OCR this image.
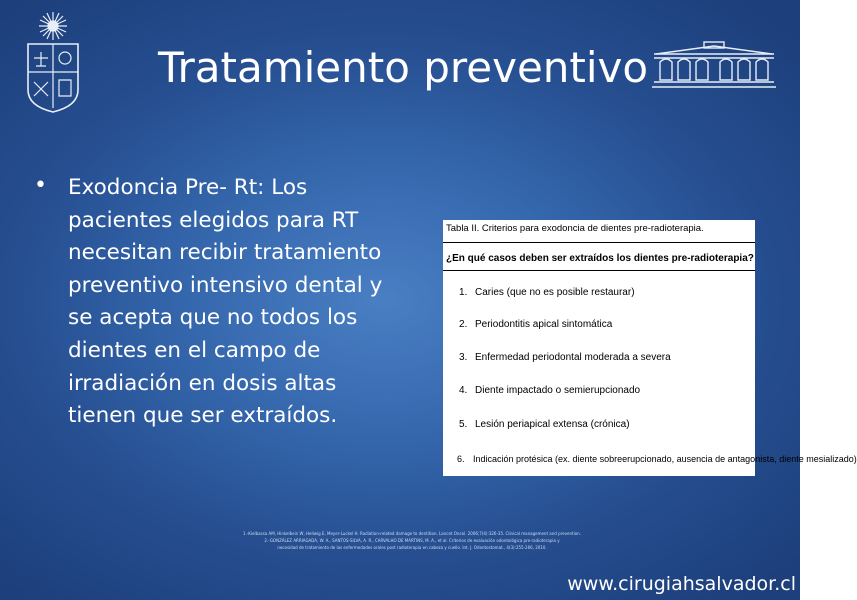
Tratamiento preventivo
• Exodoncia Pre- Rt: Los pacientes elegidos para RT necesitan recibir tratamiento preventivo intensivo dental y se acepta que no todos los dientes en el campo de irradiación en dosis altas tienen que ser extraídos.
Tabla II. Criterios para exodoncia de dientes pre-radioterapia.
¿En qué casos deben ser extraídos los dientes pre-radioterapia?
1. Caries (que no es posible restaurar)
2. Periodontitis apical sintomática
3. Enfermedad periodontal moderada a severa
4. Diente impactado o semierupcionado
5. Lesión periapical extensa (crónica)
6. Indicación protésica (ex. diente sobreerupcionado, ausencia de antagonista, diente mesializado)
1.-Kielbassa AM, Hinkelbein W, Hellwig E, Meyer-Luckel H. Radiation-related damage to dentition. Lancet Oncol. 2006;7(4):326-35. Clinical management and prevention.
2.-GONZÁLEZ ARRIAGADA, W. A., SANTOS-SILVA, A. R., CARVALHO DE MARTINS, M. A., et al. Criterios de evaluación odontológica pre-radioterapia y
necesidad de tratamiento de las enfermedades orales post radioterapia en cabeza y cuello. Int. J. Odontostomat., 4(3):255-266, 2010.
www.cirugiahsalvador.cl
